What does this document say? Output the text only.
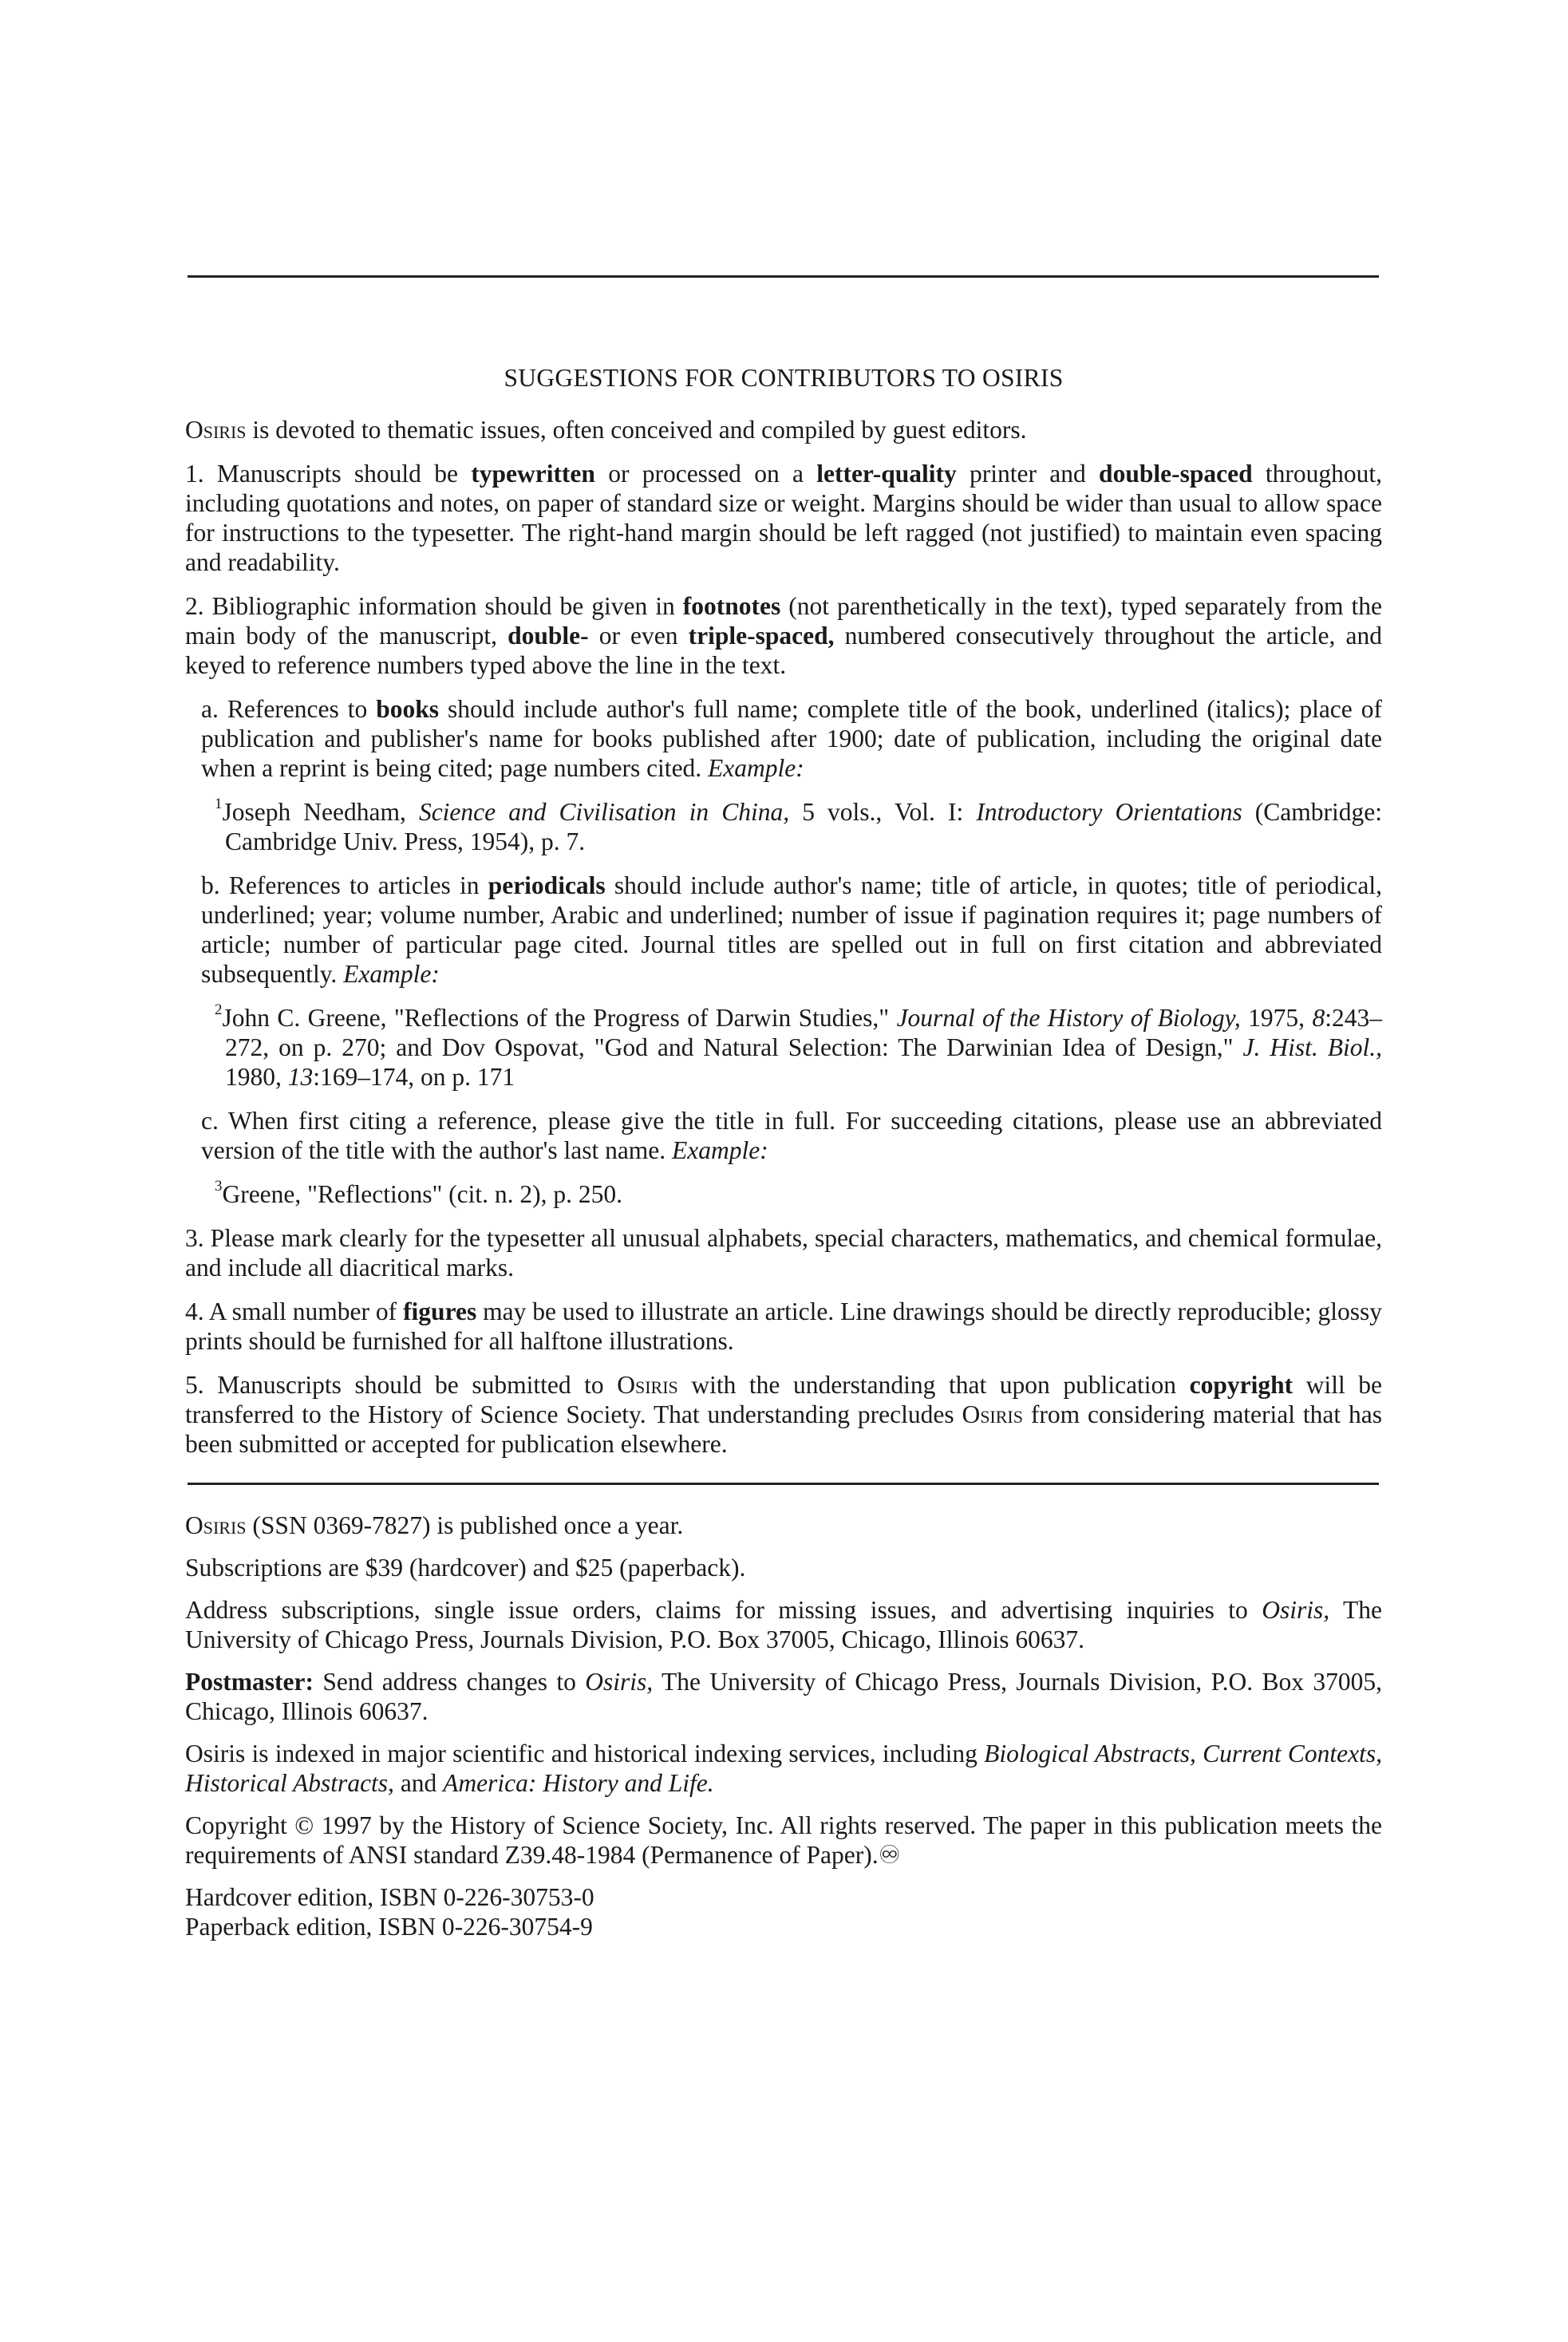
SUGGESTIONS FOR CONTRIBUTORS TO OSIRIS

Osiris is devoted to thematic issues, often conceived and compiled by guest editors.

1. Manuscripts should be typewritten or processed on a letter-quality printer and double-spaced throughout, including quotations and notes, on paper of standard size or weight. Margins should be wider than usual to allow space for instructions to the typesetter. The right-hand margin should be left ragged (not justified) to maintain even spacing and readability.

2. Bibliographic information should be given in footnotes (not parenthetically in the text), typed separately from the main body of the manuscript, double- or even triple-spaced, numbered consecutively throughout the article, and keyed to reference numbers typed above the line in the text.

a. References to books should include author's full name; complete title of the book, underlined (italics); place of publication and publisher's name for books published after 1900; date of publication, including the original date when a reprint is being cited; page numbers cited. Example:

$^1$Joseph Needham, Science and Civilisation in China, 5 vols., Vol. I: Introductory Orientations (Cambridge: Cambridge Univ. Press, 1954), p. 7.

b. References to articles in periodicals should include author's name; title of article, in quotes; title of periodical, underlined; year; volume number, Arabic and underlined; number of issue if pagination requires it; page numbers of article; number of particular page cited. Journal titles are spelled out in full on first citation and abbreviated subsequently. Example:

$^2$John C. Greene, "Reflections of the Progress of Darwin Studies," Journal of the History of Biology, 1975, 8:243–272, on p. 270; and Dov Ospovat, "God and Natural Selection: The Darwinian Idea of Design," J. Hist. Biol., 1980, 13:169–174, on p. 171

c. When first citing a reference, please give the title in full. For succeeding citations, please use an abbreviated version of the title with the author's last name. Example:

$^3$Greene, "Reflections" (cit. n. 2), p. 250.

3. Please mark clearly for the typesetter all unusual alphabets, special characters, mathematics, and chemical formulae, and include all diacritical marks.

4. A small number of figures may be used to illustrate an article. Line drawings should be directly reproducible; glossy prints should be furnished for all halftone illustrations.

5. Manuscripts should be submitted to Osiris with the understanding that upon publication copyright will be transferred to the History of Science Society. That understanding precludes Osiris from considering material that has been submitted or accepted for publication elsewhere.

Osiris (SSN 0369-7827) is published once a year.

Subscriptions are $39 (hardcover) and $25 (paperback).

Address subscriptions, single issue orders, claims for missing issues, and advertising inquiries to Osiris, The University of Chicago Press, Journals Division, P.O. Box 37005, Chicago, Illinois 60637.

Postmaster: Send address changes to Osiris, The University of Chicago Press, Journals Division, P.O. Box 37005, Chicago, Illinois 60637.

Osiris is indexed in major scientific and historical indexing services, including Biological Abstracts, Current Contexts, Historical Abstracts, and America: History and Life.

Copyright © 1997 by the History of Science Society, Inc. All rights reserved. The paper in this publication meets the requirements of ANSI standard Z39.48-1984 (Permanence of Paper).♾

Hardcover edition, ISBN 0-226-30753-0

Paperback edition, ISBN 0-226-30754-9
